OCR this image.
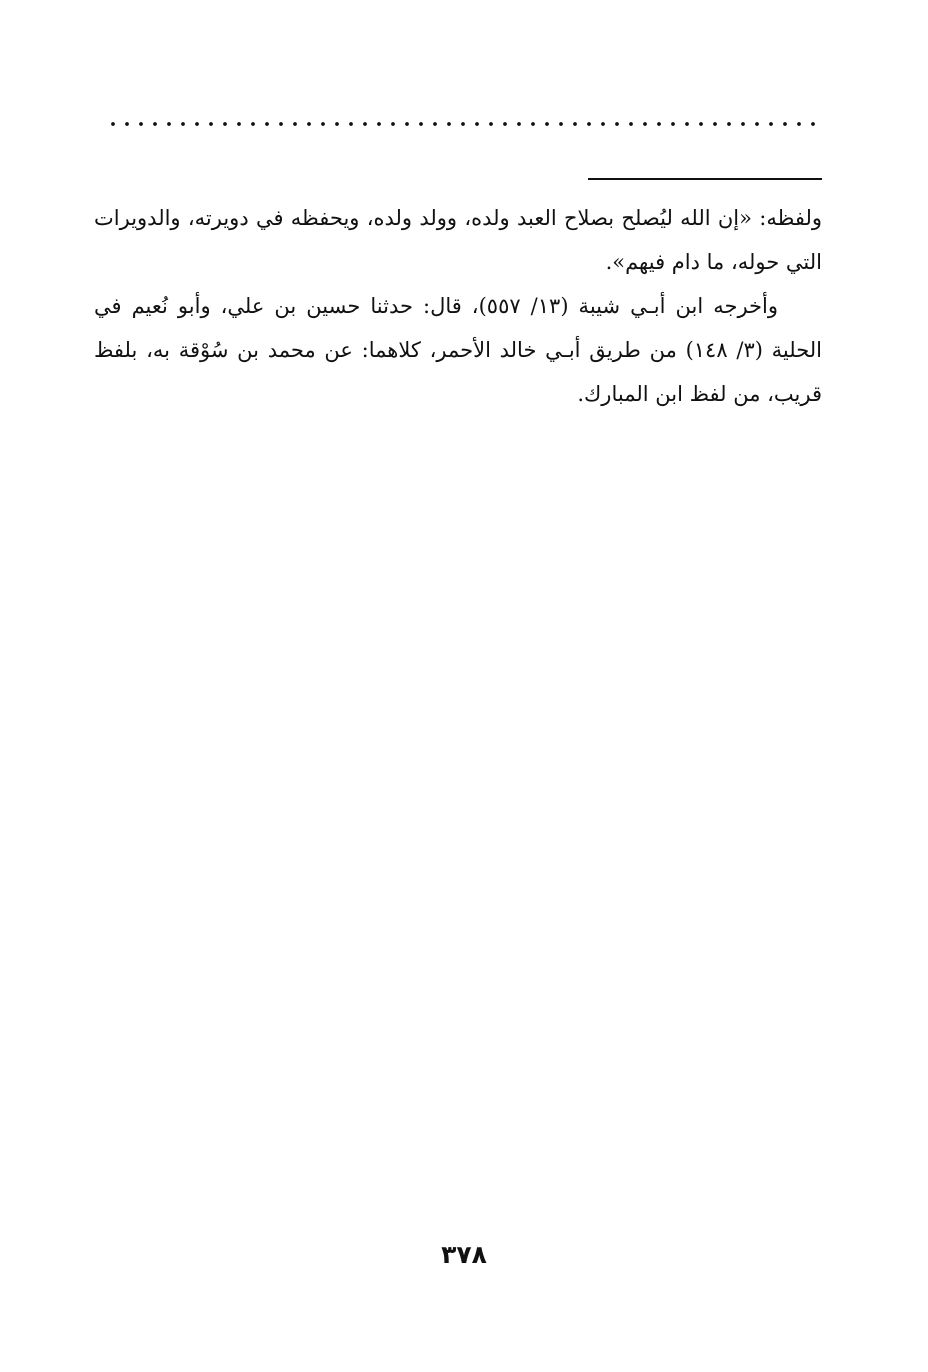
ولفظه: «إن الله ليُصلح بصلاح العبد ولده، وولد ولده، ويحفظه في دويرته، والدويرات التي حوله، ما دام فيهم».

وأخرجه ابن أبـي شيبة (١٣/ ٥٥٧)، قال: حدثنا حسين بن علي، وأبو نُعيم في الحلية (٣/ ١٤٨) من طريق أبـي خالد الأحمر، كلاهما: عن محمد بن سُوْقة به، بلفظ قريب، من لفظ ابن المبارك.

٣٧٨
